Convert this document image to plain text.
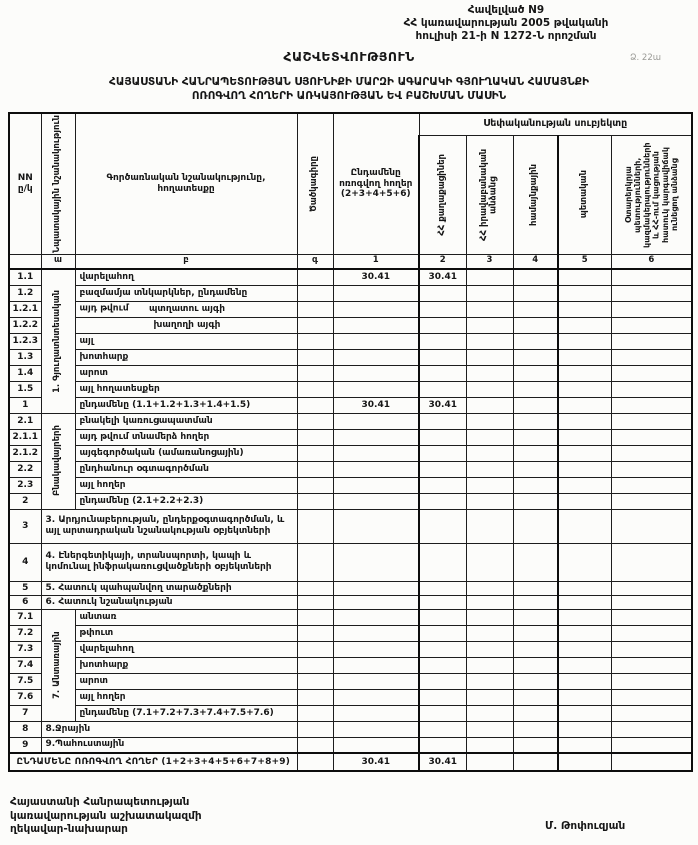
Հավելված N9
ՀՀ կառավարության 2005 թվականի
հուլիսի 21-ի N 1272-Ն որոշման
ՀԱՇՎԵՏՎՈՒԹՅՈՒՆ	Ձ. 22ա
ՀԱՅԱՍՏԱՆԻ ՀԱՆՐԱՊԵՏՈՒԹՅԱՆ ՍՅՈՒՆԻՔԻ ՄԱՐԶԻ ԱԳԱՐԱԿԻ ԳՅՈՒՂԱԿԱՆ ՀԱՄԱՅՆՔԻ
ՈՌՈԳՎՈՂ ՀՈՂԵՐԻ ԱՌԿԱՅՈՒԹՅԱՆ ԵՎ ԲԱՇԽՄԱՆ ՄԱՍԻՆ
NN ը/կ	Նպատակային նշանակություն	Գործառնական նշանակությունը, հողատեսքը	Ծածկագիրը	Ընդամենը ոռոգվող հողեր (2+3+4+5+6)	Սեփականության սուբյեկտը				

					ՀՀ քաղաքացիներ	ՀՀ իրավաբանական անձանց	համայնքային	պետական	Օտարերկրյա պետությունների, կազմակերպությունների և ՀՀ-ում կացության հատուկ կարգավիճակ ունեցող անձանց

	ա	բ	գ	1	2	3	4	5	6
1.1	1. Գյուղատնտեսական	վարելահող		30.41	30.41				
1.2		բազմամյա տնկարկներ, ընդամենը							
1.2.1		այդ թվում պտղատու այգի							
1.2.2		խաղողի այգի							
1.2.3		այլ							
1.3		խոտհարք							
1.4		արոտ							
1.5		այլ հողատեսքեր							
1		ընդամենը (1.1+1.2+1.3+1.4+1.5)		30.41	30.41				
2.1	Բնակավայրերի	բնակելի կառուցապատման							
2.1.1		այդ թվում տնամերձ հողեր							
2.1.2		այգեգործական (ամառանոցային)							
2.2		ընդհանուր օգտագործման							
2.3		այլ հողեր							
2		ընդամենը (2.1+2.2+2.3)							
3	3. Արդյունաբերության, ընդերքօգտագործման, և այլ արտադրական նշանակության օբյեկտների								
4	4. Էներգետիկայի, տրանսպորտի, կապի և կոմունալ ինֆրակառուցվածքների օբյեկտների								
5	5. Հատուկ պահպանվող տարածքների								
6	6. Հատուկ նշանակության								
7.1	7. Անտառային	անտառ							
7.2		թփուտ							
7.3		վարելահող							
7.4		խոտհարք							
7.5		արոտ							
7.6		այլ հողեր							
7		ընդամենը (7.1+7.2+7.3+7.4+7.5+7.6)							
8	8.Ջրային								
9	9.Պահուստային								
ԸՆԴԱՄԵՆԸ ՈՌՈԳՎՈՂ ՀՈՂԵՐ (1+2+3+4+5+6+7+8+9)				30.41	30.41				
Հայաստանի Հանրապետության
կառավարության աշխատակազմի
ղեկավար-նախարար	Մ. Թոփուզյան
